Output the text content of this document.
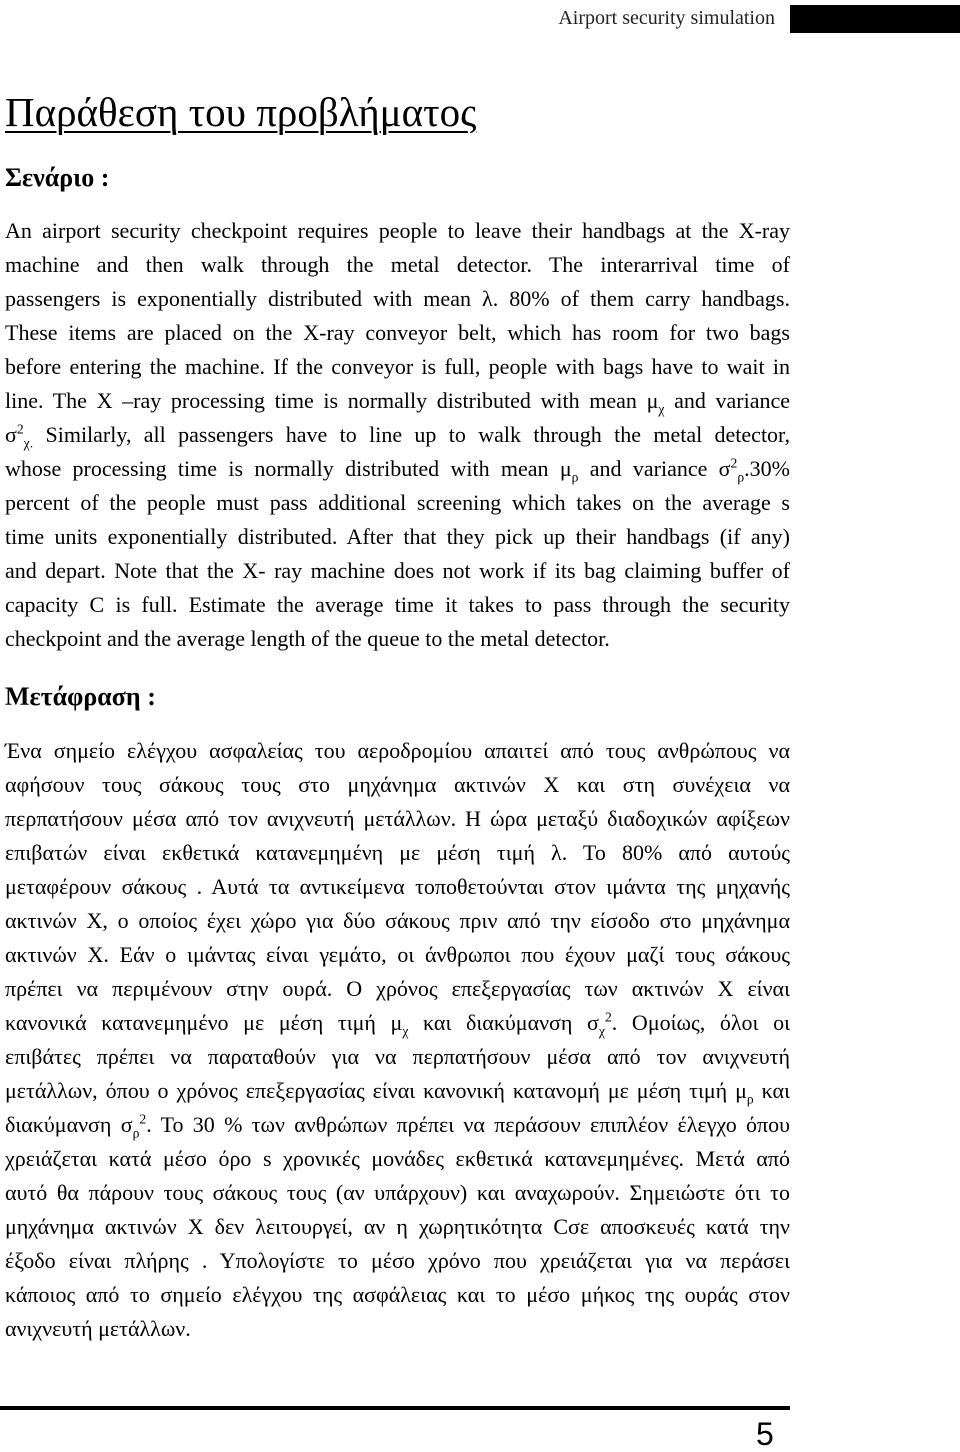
Airport security simulation
Παράθεση του προβλήματος
Σενάριο :
An airport security checkpoint requires people to leave their handbags at the X-ray
machine and then walk through the metal detector. The interarrival time of
passengers is exponentially distributed with mean λ. 80% of them carry handbags.
These items are placed on the X-ray conveyor belt, which has room for two bags
before entering the machine. If the conveyor is full, people with bags have to wait in
line. The X –ray processing time is normally distributed with mean $\mu_\chi$ and variance
$\sigma^2_{\chi.}$ Similarly, all passengers have to line up to walk through the metal detector,
whose processing time is normally distributed with mean $\mu_\rho$ and variance $\sigma^2_\rho.30\%$
percent of the people must pass additional screening which takes on the average s
time units exponentially distributed. After that they pick up their handbags (if any)
and depart. Note that the X- ray machine does not work if its bag claiming buffer of
capacity C is full. Estimate the average time it takes to pass through the security
checkpoint and the average length of the queue to the metal detector.
Μετάφραση :
Ένα σημείο ελέγχου ασφαλείας του αεροδρομίου απαιτεί από τους ανθρώπους να
αφήσουν τους σάκους τους στο μηχάνημα ακτινών Χ και στη συνέχεια να
περπατήσουν μέσα από τον ανιχνευτή μετάλλων. Η ώρα μεταξύ διαδοχικών αφίξεων
επιβατών είναι εκθετικά κατανεμημένη με μέση τιμή λ. Το 80% από αυτούς
μεταφέρουν σάκους . Αυτά τα αντικείμενα τοποθετούνται στον ιμάντα της μηχανής
ακτινών Χ, ο οποίος έχει χώρο για δύο σάκους πριν από την είσοδο στο μηχάνημα
ακτινών Χ. Εάν ο ιμάντας είναι γεμάτο, οι άνθρωποι που έχουν μαζί τους σάκους
πρέπει να περιμένουν στην ουρά. Ο χρόνος επεξεργασίας των ακτινών Χ είναι
κανονικά κατανεμημένο με μέση τιμή $\mu_\chi$ και διακύμανση $\sigma_\chi^2$. Ομοίως, όλοι οι
επιβάτες πρέπει να παραταθούν για να περπατήσουν μέσα από τον ανιχνευτή
μετάλλων, όπου ο χρόνος επεξεργασίας είναι κανονική κατανομή με μέση τιμή $\mu_\rho$ και
διακύμανση $\sigma_\rho^2$. Το 30 % των ανθρώπων πρέπει να περάσουν επιπλέον έλεγχο όπου
χρειάζεται κατά μέσο όρο s χρονικές μονάδες εκθετικά κατανεμημένες. Μετά από
αυτό θα πάρουν τους σάκους τους (αν υπάρχουν) και αναχωρούν. Σημειώστε ότι το
μηχάνημα ακτινών Χ δεν λειτουργεί, αν η χωρητικότητα Cσε αποσκευές κατά την
έξοδο είναι πλήρης . Υπολογίστε το μέσο χρόνο που χρειάζεται για να περάσει
κάποιος από το σημείο ελέγχου της ασφάλειας και το μέσο μήκος της ουράς στον
ανιχνευτή μετάλλων.
5
